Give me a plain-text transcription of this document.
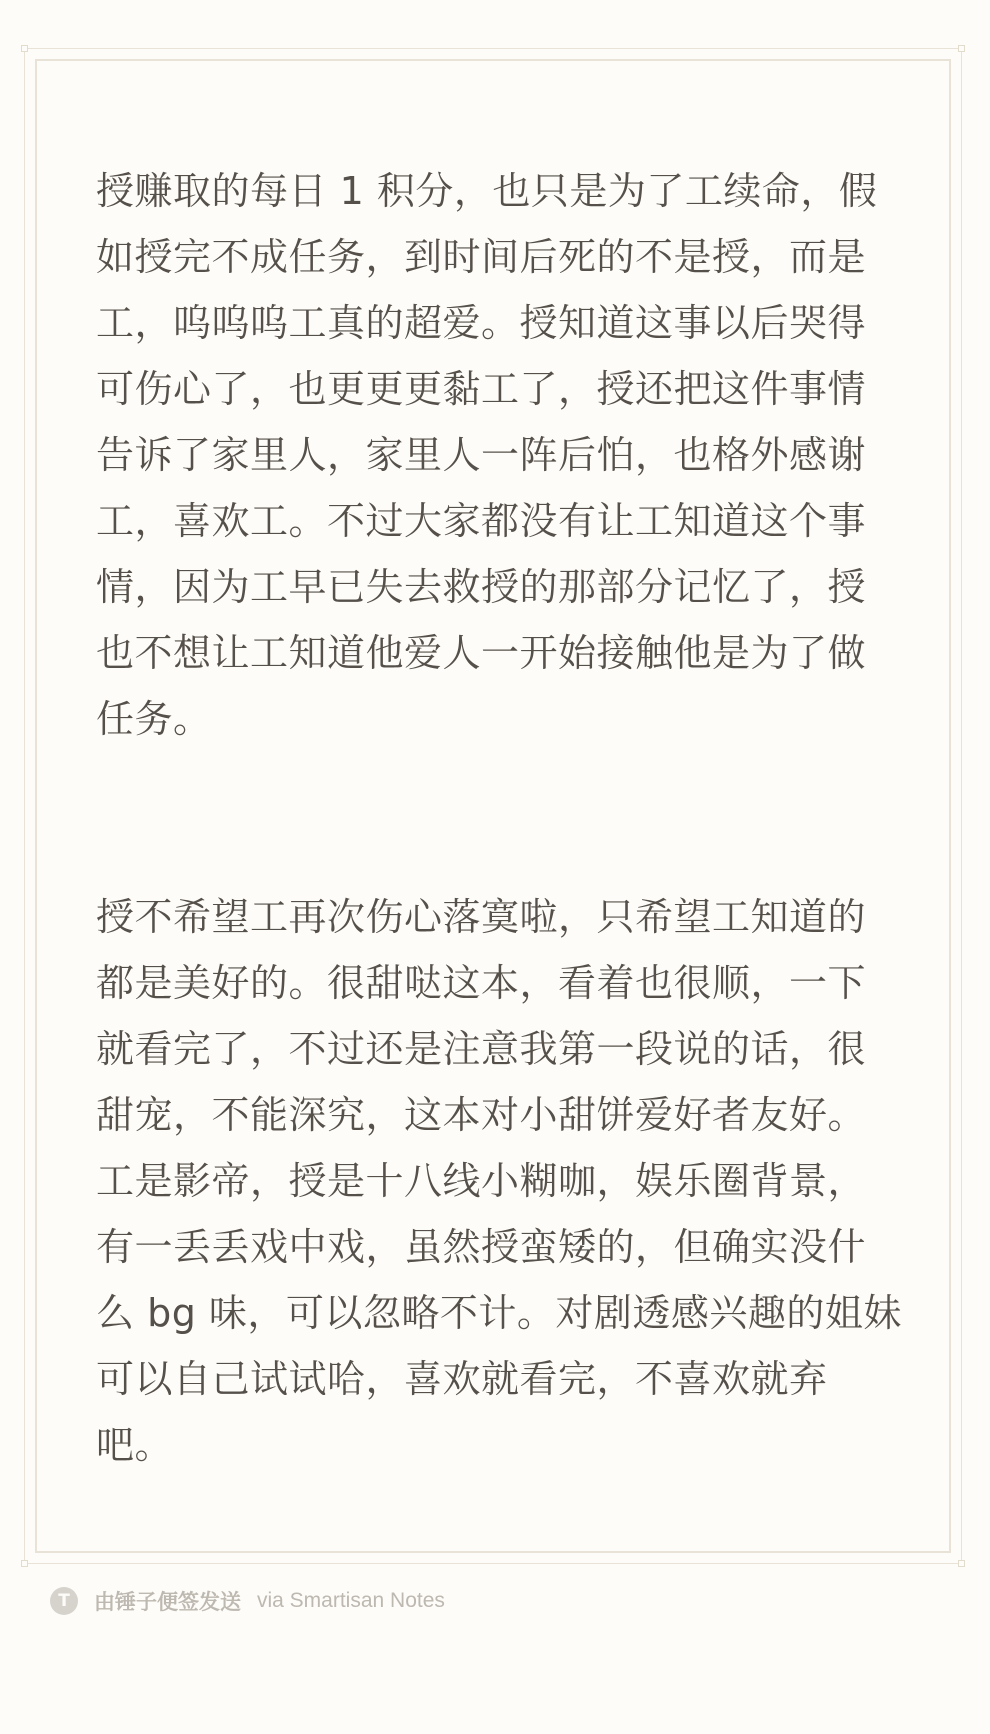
授赚取的每日 1 积分，也只是为了工续命，假
如授完不成任务，到时间后死的不是授，而是
工，呜呜呜工真的超爱。授知道这事以后哭得
可伤心了，也更更更黏工了，授还把这件事情
告诉了家里人，家里人一阵后怕，也格外感谢
工，喜欢工。不过大家都没有让工知道这个事
情，因为工早已失去救授的那部分记忆了，授
也不想让工知道他爱人一开始接触他是为了做
任务。
授不希望工再次伤心落寞啦，只希望工知道的
都是美好的。很甜哒这本，看着也很顺，一下
就看完了，不过还是注意我第一段说的话，很
甜宠，不能深究，这本对小甜饼爱好者友好。
工是影帝，授是十八线小糊咖，娱乐圈背景，
有一丢丢戏中戏，虽然授蛮矮的，但确实没什
么 bg 味，可以忽略不计。对剧透感兴趣的姐妹
可以自己试试哈，喜欢就看完，不喜欢就弃
吧。
T	由锤子便签发送 via Smartisan Notes
